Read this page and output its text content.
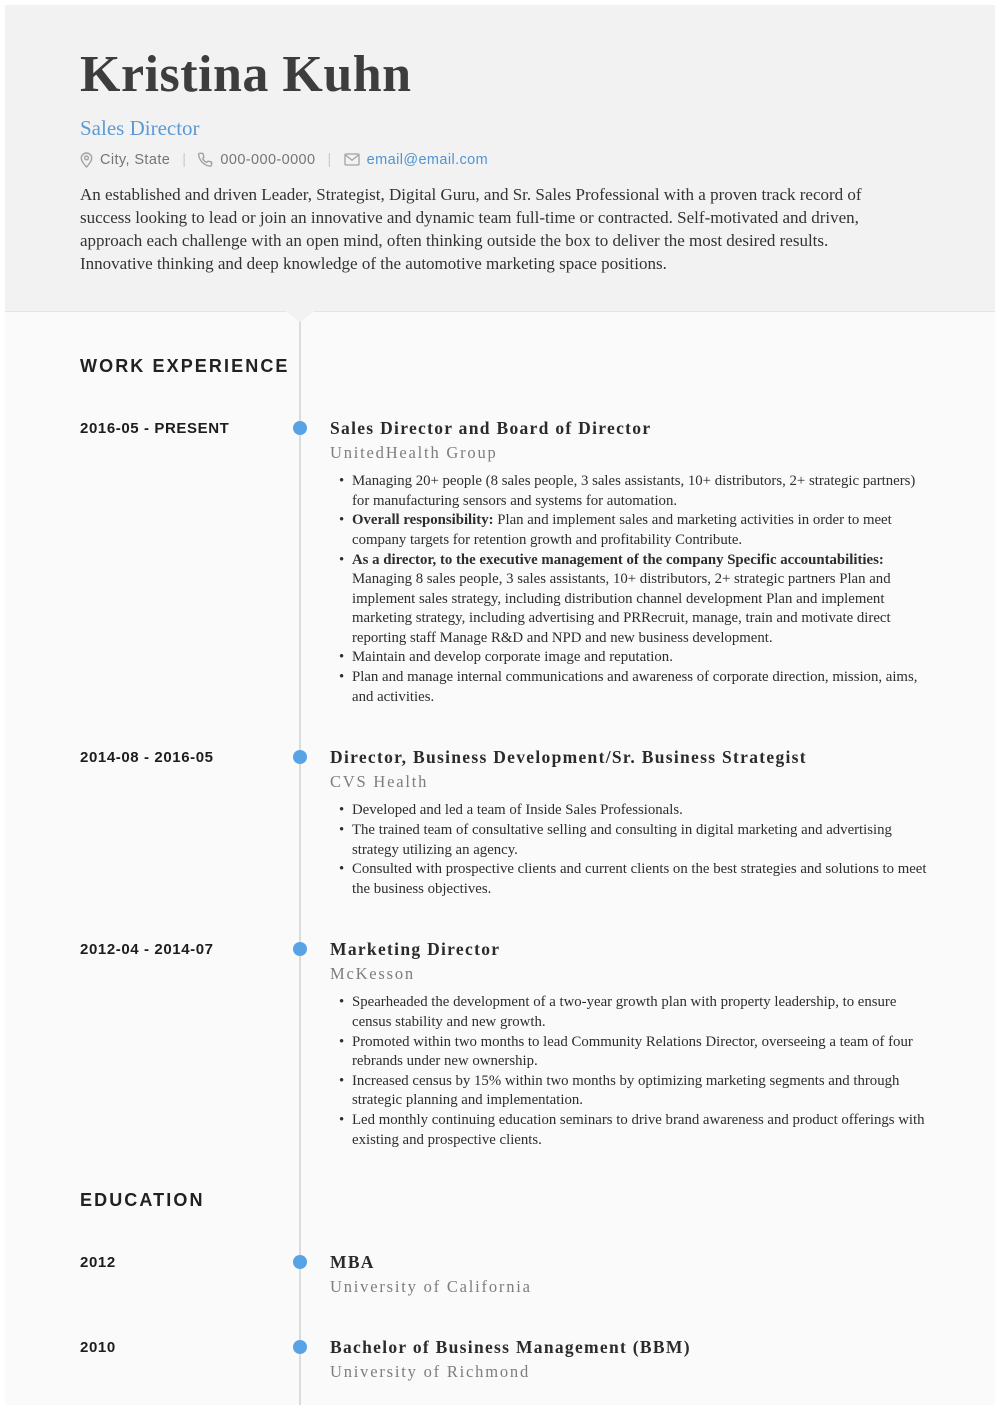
Kristina Kuhn
Sales Director
City, State | 000-000-0000 | email@email.com

An established and driven Leader, Strategist, Digital Guru, and Sr. Sales Professional with a proven track record of success looking to lead or join an innovative and dynamic team full-time or contracted. Self-motivated and driven, approach each challenge with an open mind, often thinking outside the box to deliver the most desired results. Innovative thinking and deep knowledge of the automotive marketing space positions.

WORK EXPERIENCE
2016-05 - PRESENT	Sales Director and Board of Director
UnitedHealth Group
• Managing 20+ people (8 sales people, 3 sales assistants, 10+ distributors, 2+ strategic partners) for manufacturing sensors and systems for automation.
• Overall responsibility: Plan and implement sales and marketing activities in order to meet company targets for retention growth and profitability Contribute.
• As a director, to the executive management of the company Specific accountabilities: Managing 8 sales people, 3 sales assistants, 10+ distributors, 2+ strategic partners Plan and implement sales strategy, including distribution channel development Plan and implement marketing strategy, including advertising and PRRecruit, manage, train and motivate direct reporting staff Manage R&D and NPD and new business development.
• Maintain and develop corporate image and reputation.
• Plan and manage internal communications and awareness of corporate direction, mission, aims, and activities.
2014-08 - 2016-05	Director, Business Development/Sr. Business Strategist
CVS Health
• Developed and led a team of Inside Sales Professionals.
• The trained team of consultative selling and consulting in digital marketing and advertising strategy utilizing an agency.
• Consulted with prospective clients and current clients on the best strategies and solutions to meet the business objectives.
2012-04 - 2014-07	Marketing Director
McKesson
• Spearheaded the development of a two-year growth plan with property leadership, to ensure census stability and new growth.
• Promoted within two months to lead Community Relations Director, overseeing a team of four rebrands under new ownership.
• Increased census by 15% within two months by optimizing marketing segments and through strategic planning and implementation.
• Led monthly continuing education seminars to drive brand awareness and product offerings with existing and prospective clients.
EDUCATION
2012	MBA
University of California
2010	Bachelor of Business Management (BBM)
University of Richmond
